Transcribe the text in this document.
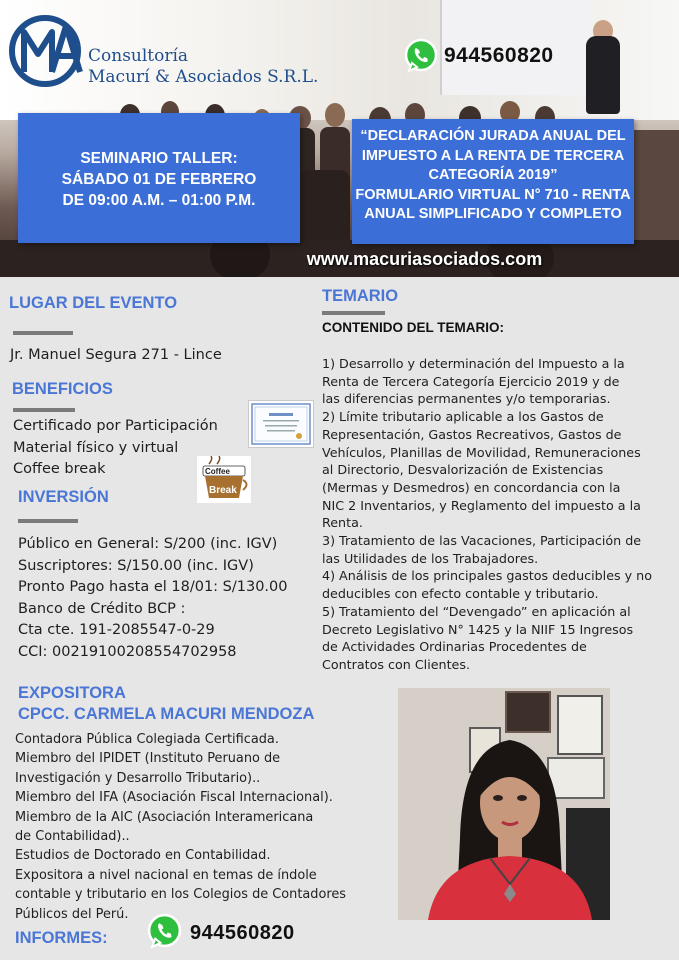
Consultoría
Macurí & Asociados S.R.L.
944560820
SEMINARIO TALLER:
SÁBADO 01 DE FEBRERO
DE 09:00 A.M. – 01:00 P.M.
“DECLARACIÓN JURADA ANUAL DEL
IMPUESTO A LA RENTA DE TERCERA
CATEGORÍA 2019”
FORMULARIO VIRTUAL N° 710 - RENTA
ANUAL SIMPLIFICADO Y COMPLETO
www.macuriasociados.com
LUGAR DEL EVENTO
Jr. Manuel Segura 271 - Lince
BENEFICIOS
Certificado por Participación
Material físico y virtual
Coffee break	Coffee
Break
INVERSIÓN
Público en General: S/200 (inc. IGV)
Suscriptores: S/150.00 (inc. IGV)
Pronto Pago hasta el 18/01: S/130.00
Banco de Crédito BCP :
Cta cte. 191-2085547-0-29
CCI: 00219100208554702958
TEMARIO
CONTENIDO DEL TEMARIO:
1) Desarrollo y determinación del Impuesto a la
Renta de Tercera Categoría Ejercicio 2019 y de
las diferencias permanentes y/o temporarias.
2) Límite tributario aplicable a los Gastos de
Representación, Gastos Recreativos, Gastos de
Vehículos, Planillas de Movilidad, Remuneraciones
al Directorio, Desvalorización de Existencias
(Mermas y Desmedros) en concordancia con la
NIC 2 Inventarios, y Reglamento del impuesto a la
Renta.
3) Tratamiento de las Vacaciones, Participación de
las Utilidades de los Trabajadores.
4) Análisis de los principales gastos deducibles y no
deducibles con efecto contable y tributario.
5) Tratamiento del “Devengado” en aplicación al
Decreto Legislativo N° 1425 y la NIIF 15 Ingresos
de Actividades Ordinarias Procedentes de
Contratos con Clientes.
EXPOSITORA
CPCC. CARMELA MACURI MENDOZA
Contadora Pública Colegiada Certificada.
Miembro del IPIDET (Instituto Peruano de
Investigación y Desarrollo Tributario)..
Miembro del IFA (Asociación Fiscal Internacional).
Miembro de la AIC (Asociación Interamericana
de Contabilidad)..
Estudios de Doctorado en Contabilidad.
Expositora a nivel nacional en temas de índole
contable y tributario en los Colegios de Contadores
Públicos del Perú.
INFORMES:	944560820
